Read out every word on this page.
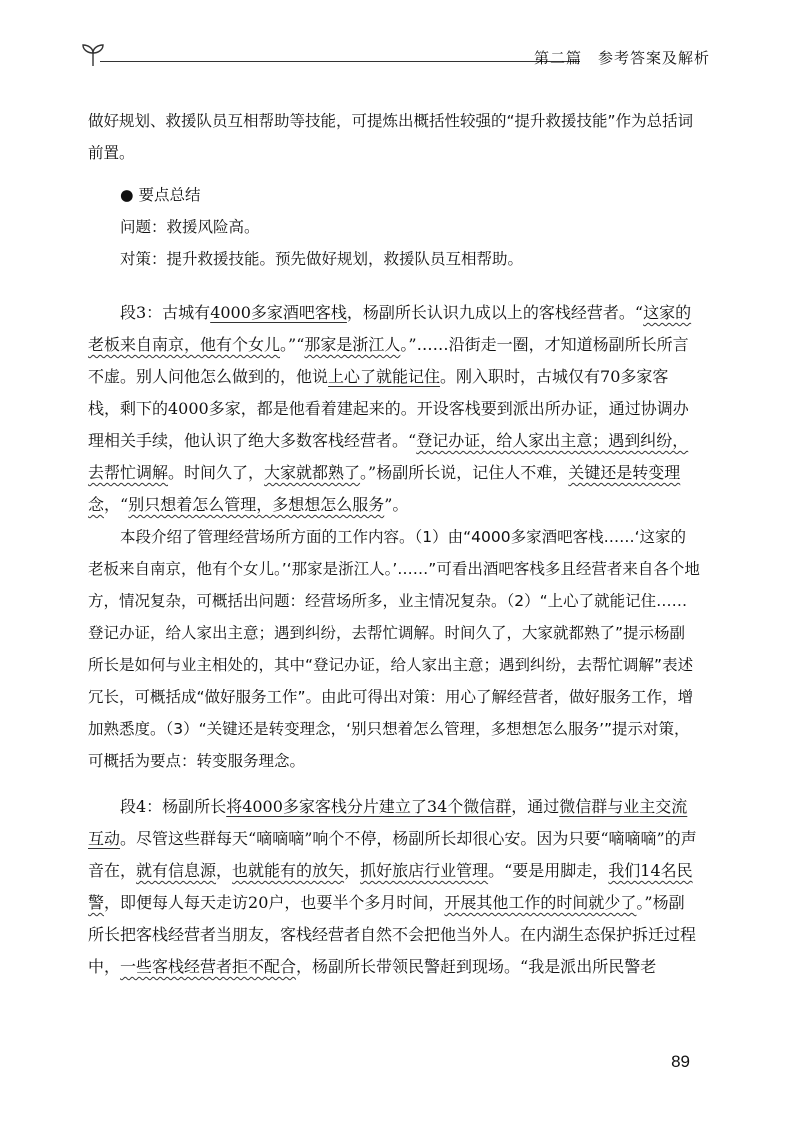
第二篇　参考答案及解析

做好规划、救援队员互相帮助等技能，可提炼出概括性较强的“提升救援技能”作为总括词前置。

● 要点总结

问题：救援风险高。

对策：提升救援技能。预先做好规划，救援队员互相帮助。

段3：古城有4000多家酒吧客栈，杨副所长认识九成以上的客栈经营者。“这家的老板来自南京，他有个女儿。”“那家是浙江人。”……沿街走一圈，才知道杨副所长所言不虚。别人问他怎么做到的，他说上心了就能记住。刚入职时，古城仅有70多家客栈，剩下的4000多家，都是他看着建起来的。开设客栈要到派出所办证，通过协调办理相关手续，他认识了绝大多数客栈经营者。“登记办证，给人家出主意；遇到纠纷，去帮忙调解。时间久了，大家就都熟了。”杨副所长说，记住人不难，关键还是转变理念，“别只想着怎么管理，多想想怎么服务”。

本段介绍了管理经营场所方面的工作内容。（1）由“4000多家酒吧客栈……‘这家的老板来自南京，他有个女儿。’‘那家是浙江人。’……”可看出酒吧客栈多且经营者来自各个地方，情况复杂，可概括出问题：经营场所多，业主情况复杂。（2）“上心了就能记住……登记办证，给人家出主意；遇到纠纷，去帮忙调解。时间久了，大家就都熟了”提示杨副所长是如何与业主相处的，其中“登记办证，给人家出主意；遇到纠纷，去帮忙调解”表述冗长，可概括成“做好服务工作”。由此可得出对策：用心了解经营者，做好服务工作，增加熟悉度。（3）“关键还是转变理念，‘别只想着怎么管理，多想想怎么服务’”提示对策，可概括为要点：转变服务理念。

段4：杨副所长将4000多家客栈分片建立了34个微信群，通过微信群与业主交流互动。尽管这些群每天“嘀嘀嘀”响个不停，杨副所长却很心安。因为只要“嘀嘀嘀”的声音在，就有信息源，也就能有的放矢，抓好旅店行业管理。“要是用脚走，我们14名民警，即便每人每天走访20户，也要半个多月时间，开展其他工作的时间就少了。”杨副所长把客栈经营者当朋友，客栈经营者自然不会把他当外人。在内湖生态保护拆迁过程中，一些客栈经营者拒不配合，杨副所长带领民警赶到现场。“我是派出所民警老

89
